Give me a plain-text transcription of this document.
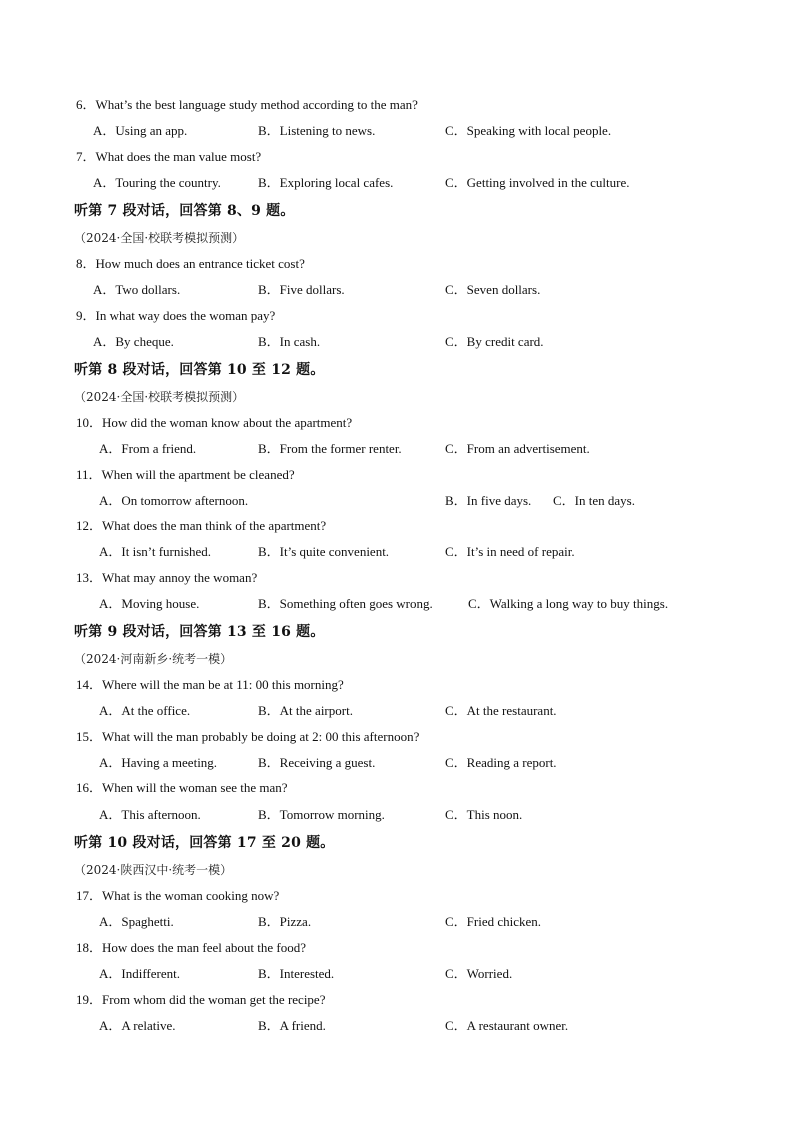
6．What’s the best language study method according to the man?
A．Using an app.	B．Listening to news.	C．Speaking with local people.
7．What does the man value most?
A．Touring the country.	B．Exploring local cafes.	C．Getting involved in the culture.
听第 7 段对话，回答第 8、9 题。
（2024·全国·校联考模拟预测）
8．How much does an entrance ticket cost?
A．Two dollars.	B．Five dollars.	C．Seven dollars.
9．In what way does the woman pay?
A．By cheque.	B．In cash.	C．By credit card.
听第 8 段对话，回答第 10 至 12 题。
（2024·全国·校联考模拟预测）
10．How did the woman know about the apartment?
A．From a friend.	B．From the former renter.	C．From an advertisement.
11．When will the apartment be cleaned?
A．On tomorrow afternoon.	B．In five days. C．In ten days.
12．What does the man think of the apartment?
A．It isn’t furnished.	B．It’s quite convenient.	C．It’s in need of repair.
13．What may annoy the woman?
A．Moving house.	B．Something often goes wrong.	C．Walking a long way to buy things.
听第 9 段对话，回答第 13 至 16 题。
（2024·河南新乡·统考一模）
14．Where will the man be at 11: 00 this morning?
A．At the office.	B．At the airport.	C．At the restaurant.
15．What will the man probably be doing at 2: 00 this afternoon?
A．Having a meeting.	B．Receiving a guest.	C．Reading a report.
16．When will the woman see the man?
A．This afternoon.	B．Tomorrow morning.	C．This noon.
听第 10 段对话，回答第 17 至 20 题。
（2024·陕西汉中·统考一模）
17．What is the woman cooking now?
A．Spaghetti.	B．Pizza.	C．Fried chicken.
18．How does the man feel about the food?
A．Indifferent.	B．Interested.	C．Worried.
19．From whom did the woman get the recipe?
A．A relative.	B．A friend.	C．A restaurant owner.
